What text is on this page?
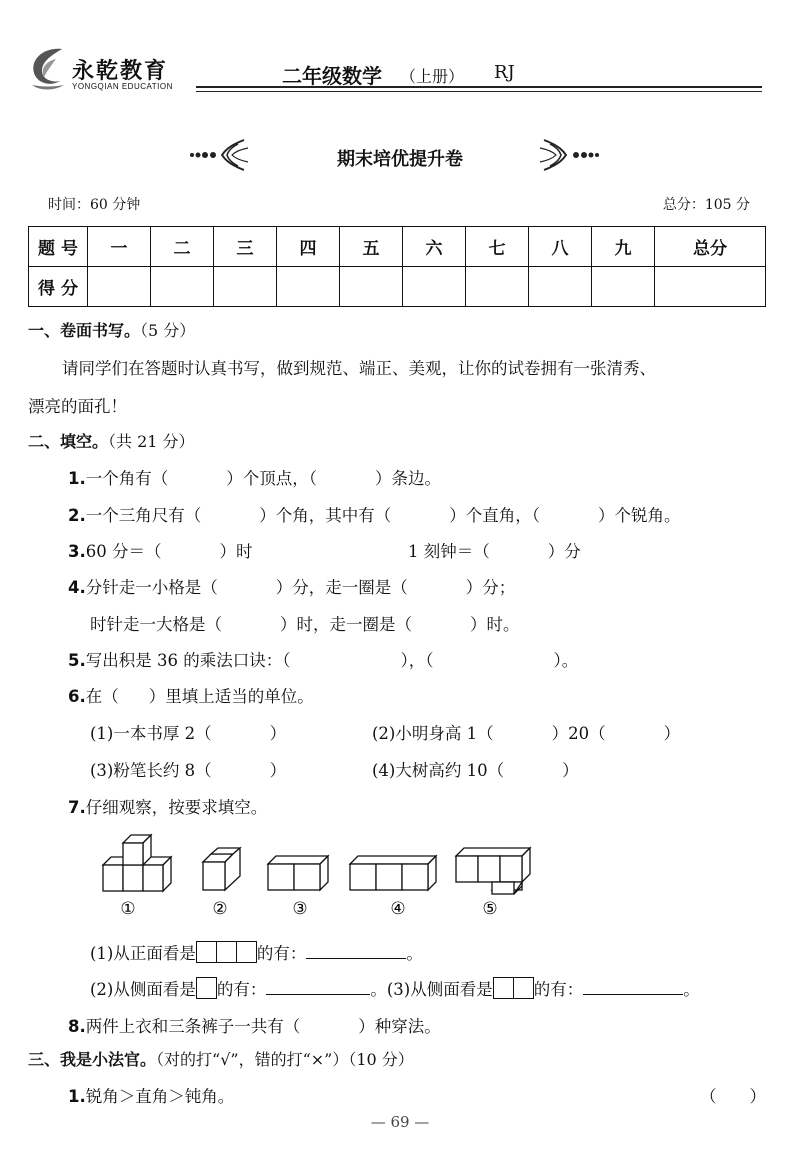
永乾教育
YONGQIAN EDUCATION	二年级数学 （上册） RJ
期末培优提升卷
时间：60 分钟	总分：105 分
题 号	一	二	三	四	五	六	七	八	九	总分
得 分										
一、卷面书写。（5 分）
请同学们在答题时认真书写，做到规范、端正、美观，让你的试卷拥有一张清秀、
漂亮的面孔！
二、填空。（共 21 分）
1.一个角有（	）个顶点，（	）条边。
2.一个三角尺有（	）个角，其中有（	）个直角，（	）个锐角。
3.60 分＝（	）时	1 刻钟＝（	）分
4.分针走一小格是（	）分，走一圈是（	）分；
时针走一大格是（	）时，走一圈是（	）时。
5.写出积是 36 的乘法口诀：（	），（	）。
6.在（ ）里填上适当的单位。
(1)一本书厚 2（	）	(2)小明身高 1（	）20（	）
(3)粉笔长约 8（	）	(4)大树高约 10（	）
7.仔细观察，按要求填空。
①	②	③	④	⑤
(1)从正面看是	的有：	。
(2)从侧面看是 的有：	。(3)从侧面看是 的有：	。
8.两件上衣和三条裤子一共有（	）种穿法。
三、我是小法官。（对的打“√”，错的打“×”）（10 分）
1.锐角＞直角＞钝角。	（　　）
— 69 —
